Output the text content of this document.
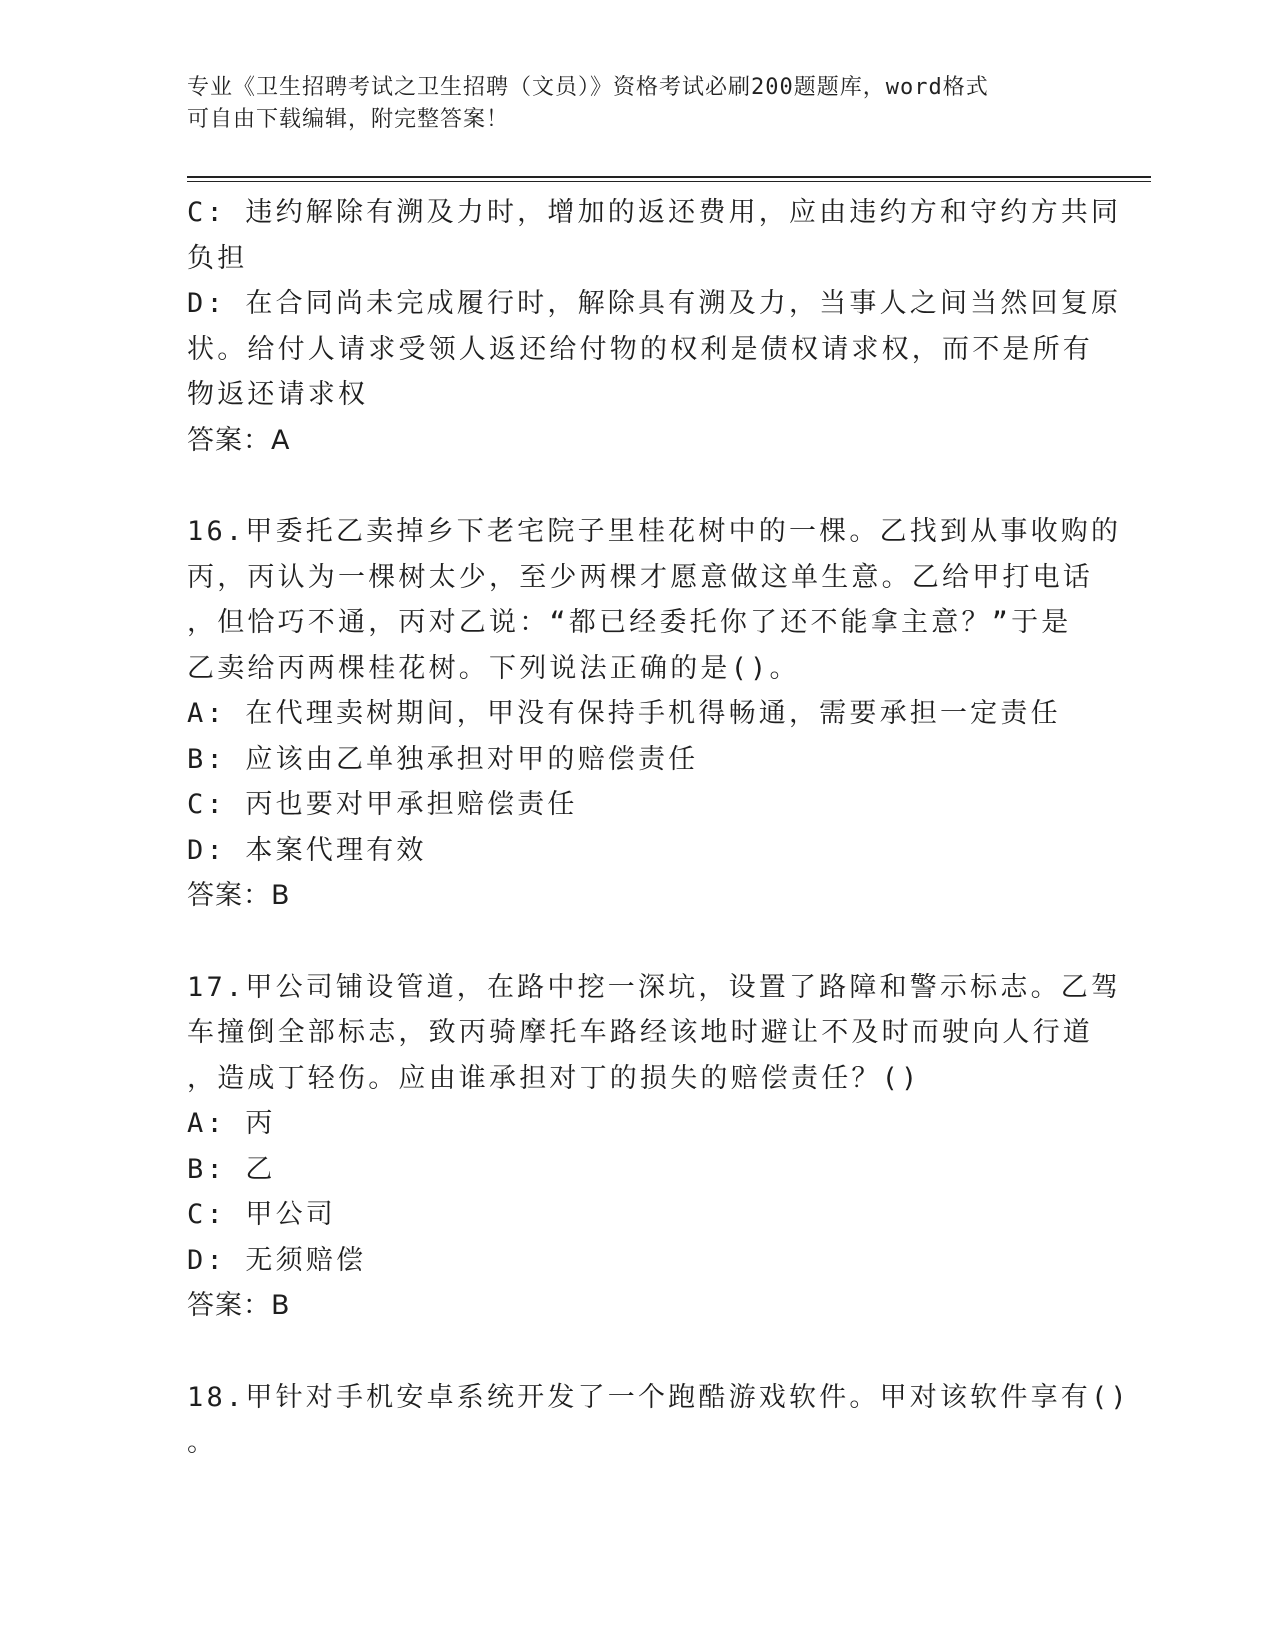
专业《卫生招聘考试之卫生招聘（文员）》资格考试必刷200题题库，word格式
可自由下载编辑，附完整答案！
C: 违约解除有溯及力时，增加的返还费用，应由违约方和守约方共同
负担
D: 在合同尚未完成履行时，解除具有溯及力，当事人之间当然回复原
状。给付人请求受领人返还给付物的权利是债权请求权，而不是所有
物返还请求权
答案：A
16.甲委托乙卖掉乡下老宅院子里桂花树中的一棵。乙找到从事收购的
丙，丙认为一棵树太少，至少两棵才愿意做这单生意。乙给甲打电话
，但恰巧不通，丙对乙说：“都已经委托你了还不能拿主意？”于是
乙卖给丙两棵桂花树。下列说法正确的是()。
A: 在代理卖树期间，甲没有保持手机得畅通，需要承担一定责任
B: 应该由乙单独承担对甲的赔偿责任
C: 丙也要对甲承担赔偿责任
D: 本案代理有效
答案：B
17.甲公司铺设管道，在路中挖一深坑，设置了路障和警示标志。乙驾
车撞倒全部标志，致丙骑摩托车路经该地时避让不及时而驶向人行道
，造成丁轻伤。应由谁承担对丁的损失的赔偿责任？()
A: 丙
B: 乙
C: 甲公司
D: 无须赔偿
答案：B
18.甲针对手机安卓系统开发了一个跑酷游戏软件。甲对该软件享有()
。
